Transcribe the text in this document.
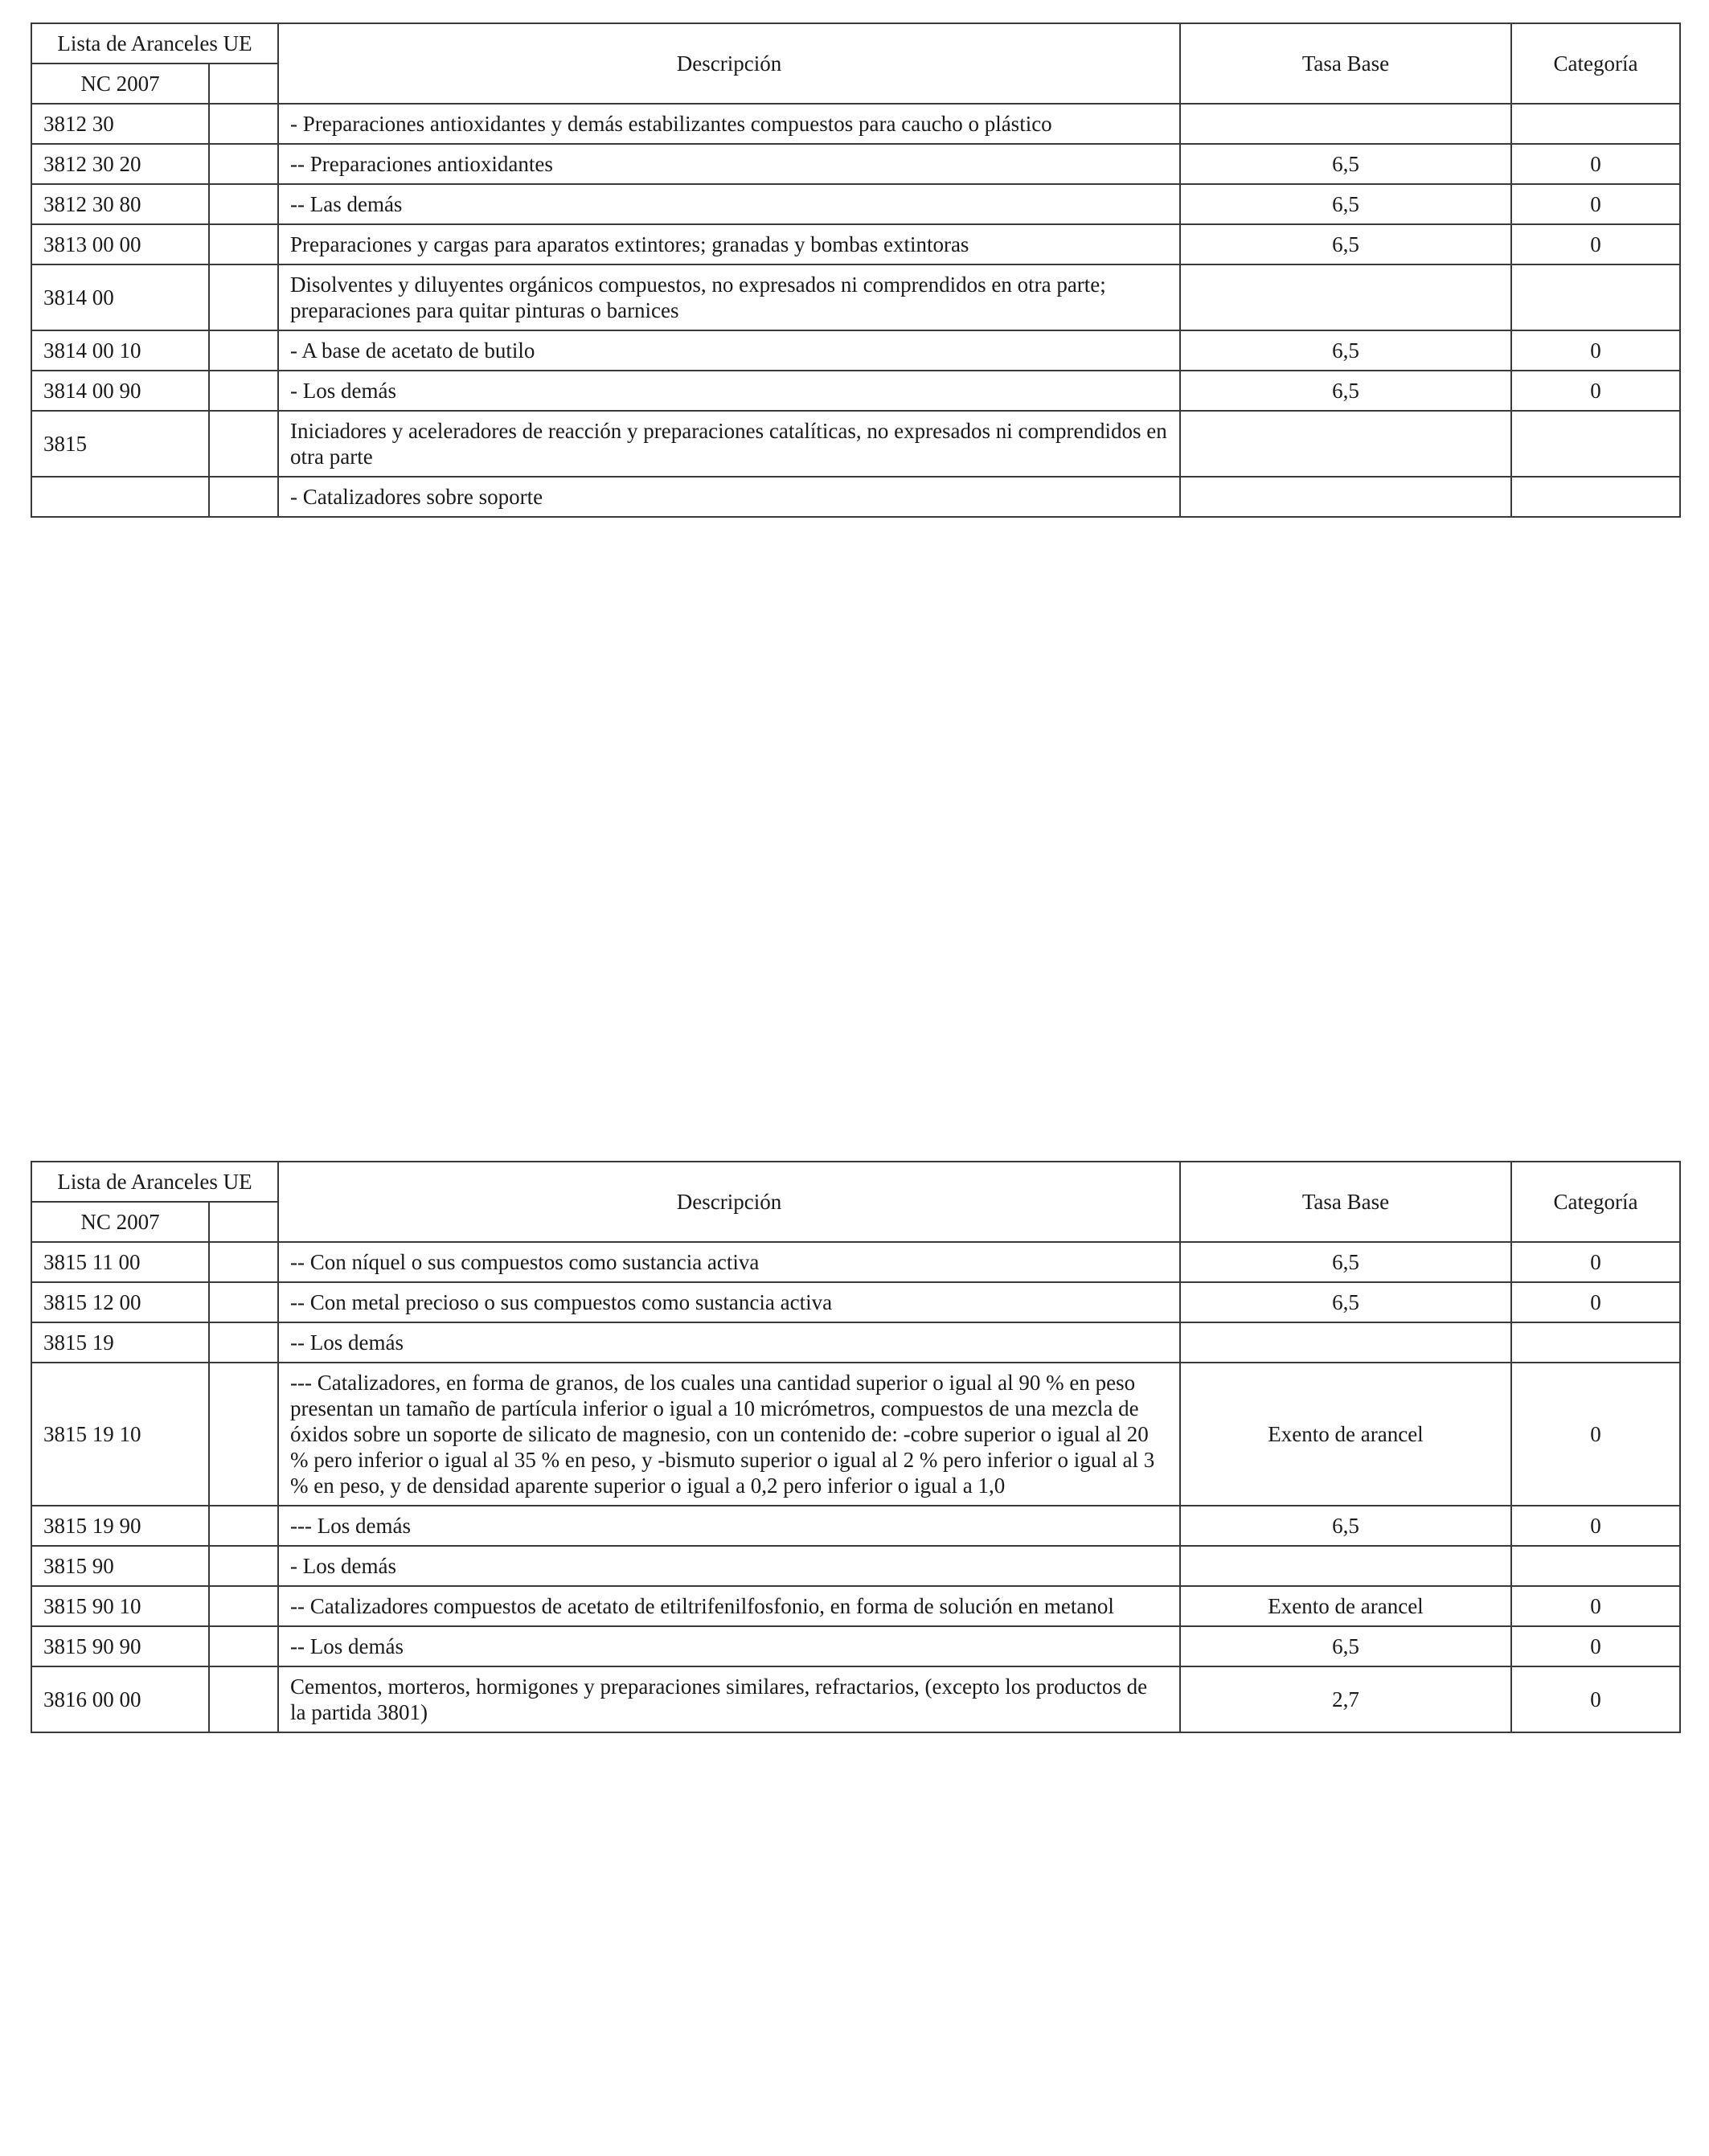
Lista de Aranceles UE		Descripción	Tasa Base	Categoría
NC 2007				
3812 30		- Preparaciones antioxidantes y demás estabilizantes compuestos para caucho o plástico		
3812 30 20		-- Preparaciones antioxidantes	6,5	0
3812 30 80		-- Las demás	6,5	0
3813 00 00		Preparaciones y cargas para aparatos extintores; granadas y bombas extintoras	6,5	0
3814 00		Disolventes y diluyentes orgánicos compuestos, no expresados ni comprendidos en otra parte; preparaciones para quitar pinturas o barnices		
3814 00 10		- A base de acetato de butilo	6,5	0
3814 00 90		- Los demás	6,5	0
3815		Iniciadores y aceleradores de reacción y preparaciones catalíticas, no expresados ni comprendidos en otra parte		
		- Catalizadores sobre soporte		
Lista de Aranceles UE		Descripción	Tasa Base	Categoría
NC 2007				
3815 11 00		-- Con níquel o sus compuestos como sustancia activa	6,5	0
3815 12 00		-- Con metal precioso o sus compuestos como sustancia activa	6,5	0
3815 19		-- Los demás		
3815 19 10		--- Catalizadores, en forma de granos, de los cuales una cantidad superior o igual al 90 % en peso presentan un tamaño de partícula inferior o igual a 10 micrómetros, compuestos de una mezcla de óxidos sobre un soporte de silicato de magnesio, con un contenido de: -cobre superior o igual al 20 % pero inferior o igual al 35 % en peso, y -bismuto superior o igual al 2 % pero inferior o igual al 3 % en peso, y de densidad aparente superior o igual a 0,2 pero inferior o igual a 1,0	Exento de arancel	0
3815 19 90		--- Los demás	6,5	0
3815 90		- Los demás		
3815 90 10		-- Catalizadores compuestos de acetato de etiltrifenilfosfonio, en forma de solución en metanol	Exento de arancel	0
3815 90 90		-- Los demás	6,5	0
3816 00 00		Cementos, morteros, hormigones y preparaciones similares, refractarios, (excepto los productos de la partida 3801)	2,7	0
